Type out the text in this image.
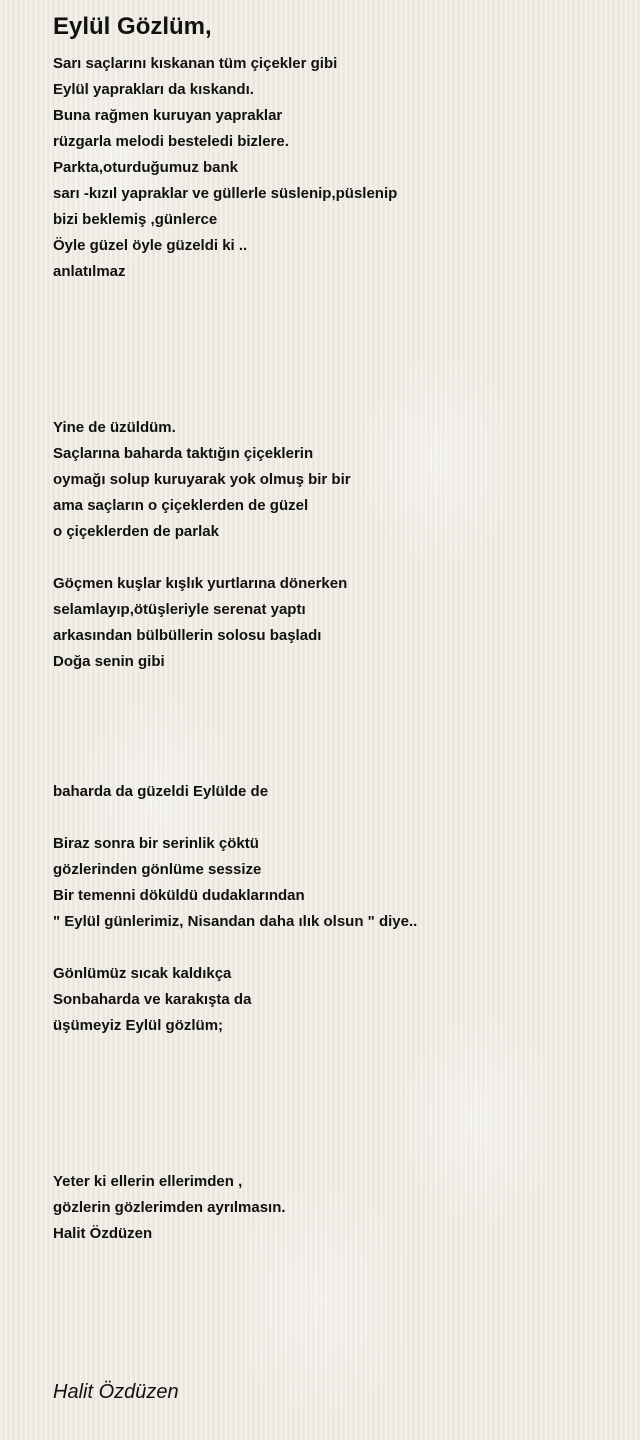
Eylül Gözlüm,
Sarı saçlarını kıskanan tüm çiçekler gibi
Eylül yaprakları da kıskandı.
Buna rağmen kuruyan yapraklar
rüzgarla melodi besteledi bizlere.
Parkta,oturduğumuz bank
sarı -kızıl yapraklar ve güllerle süslenip,püslenip
bizi beklemiş ,günlerce
Öyle güzel öyle güzeldi ki ..
anlatılmaz
Yine de üzüldüm.
Saçlarına baharda taktığın çiçeklerin
oymağı solup kuruyarak yok olmuş bir bir
ama saçların o çiçeklerden de güzel
o çiçeklerden de parlak
Göçmen kuşlar kışlık yurtlarına dönerken
selamlayıp,ötüşleriyle serenat yaptı
arkasından bülbüllerin solosu başladı
Doğa senin gibi
baharda da güzeldi Eylülde de
Biraz sonra bir serinlik çöktü
gözlerinden gönlüme sessize
Bir temenni döküldü dudaklarından
" Eylül günlerimiz, Nisandan daha ılık olsun " diye..
Gönlümüz sıcak kaldıkça
Sonbaharda ve karakışta da
üşümeyiz Eylül gözlüm;
Yeter ki ellerin ellerimden ,
gözlerin gözlerimden ayrılmasın.
Halit Özdüzen
Halit Özdüzen
